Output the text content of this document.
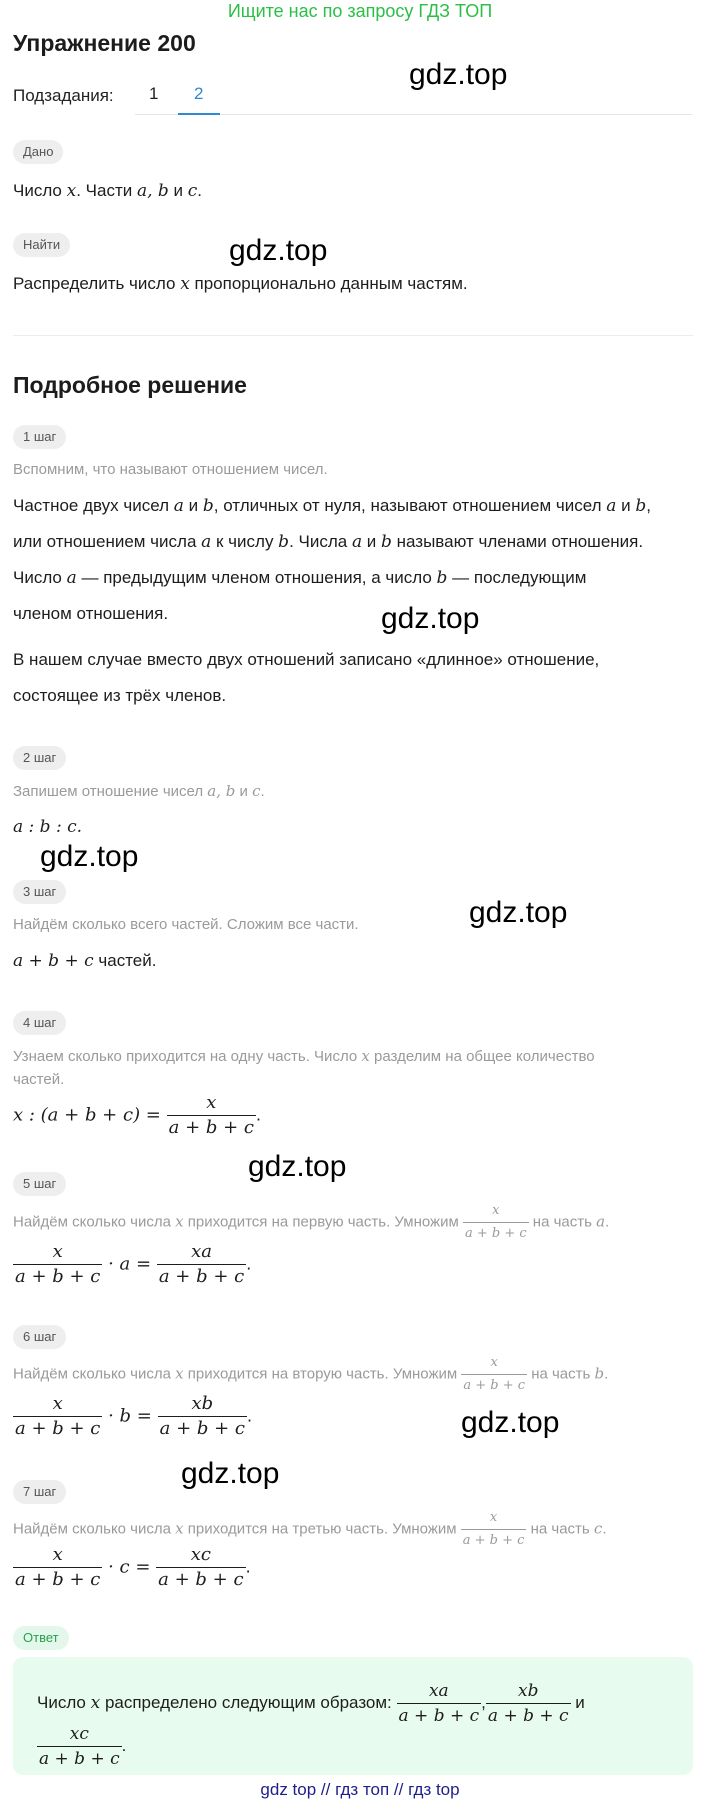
Ищите нас по запросу ГДЗ ТОП
Упражнение 200
Подзадания: 1 2
Дано
Число x. Части a, b и c.
Найти
Распределить число x пропорционально данным частям.
Подробное решение
1 шаг
Вспомним, что называют отношением чисел.
Частное двух чисел a и b, отличных от нуля, называют отношением чисел a и b,
или отношением числа a к числу b. Числа a и b называют членами отношения.
Число a — предыдущим членом отношения, а число b — последующим
членом отношения.
В нашем случае вместо двух отношений записано «длинное» отношение,
состоящее из трёх членов.
2 шаг
Запишем отношение чисел a, b и c.
a : b : c.
3 шаг
Найдём сколько всего частей. Сложим все части.
a + b + c частей.
4 шаг
Узнаем сколько приходится на одну часть. Число x разделим на общее количество
частей.
x : $(a + b + c) = \frac{x}{a + b + c}$ .
5 шаг
Найдём сколько числа x приходится на первую часть. Умножим $\frac{x}{a + b + c}$ на часть a.
$\frac{x}{a + b + c} \cdot a = \frac{xa}{a + b + c}$ .
6 шаг
Найдём сколько числа x приходится на вторую часть. Умножим $\frac{x}{a + b + c}$ на часть b.
$\frac{x}{a + b + c} \cdot b = \frac{xb}{a + b + c}$ .
7 шаг
Найдём сколько числа x приходится на третью часть. Умножим $\frac{x}{a + b + c}$ на часть c.
$\frac{x}{a + b + c} \cdot c = \frac{xc}{a + b + c}$ .
Ответ
Число x распределено следующим образом: $\frac{xa}{a + b + c}$ , $\frac{xb}{a + b + c}$ и
$\frac{xc}{a + b + c}$ .
gdz.top
gdz.top
gdz.top
gdz.top
gdz.top
gdz.top
gdz.top
gdz.top
gdz top // гдз топ // гдз top
